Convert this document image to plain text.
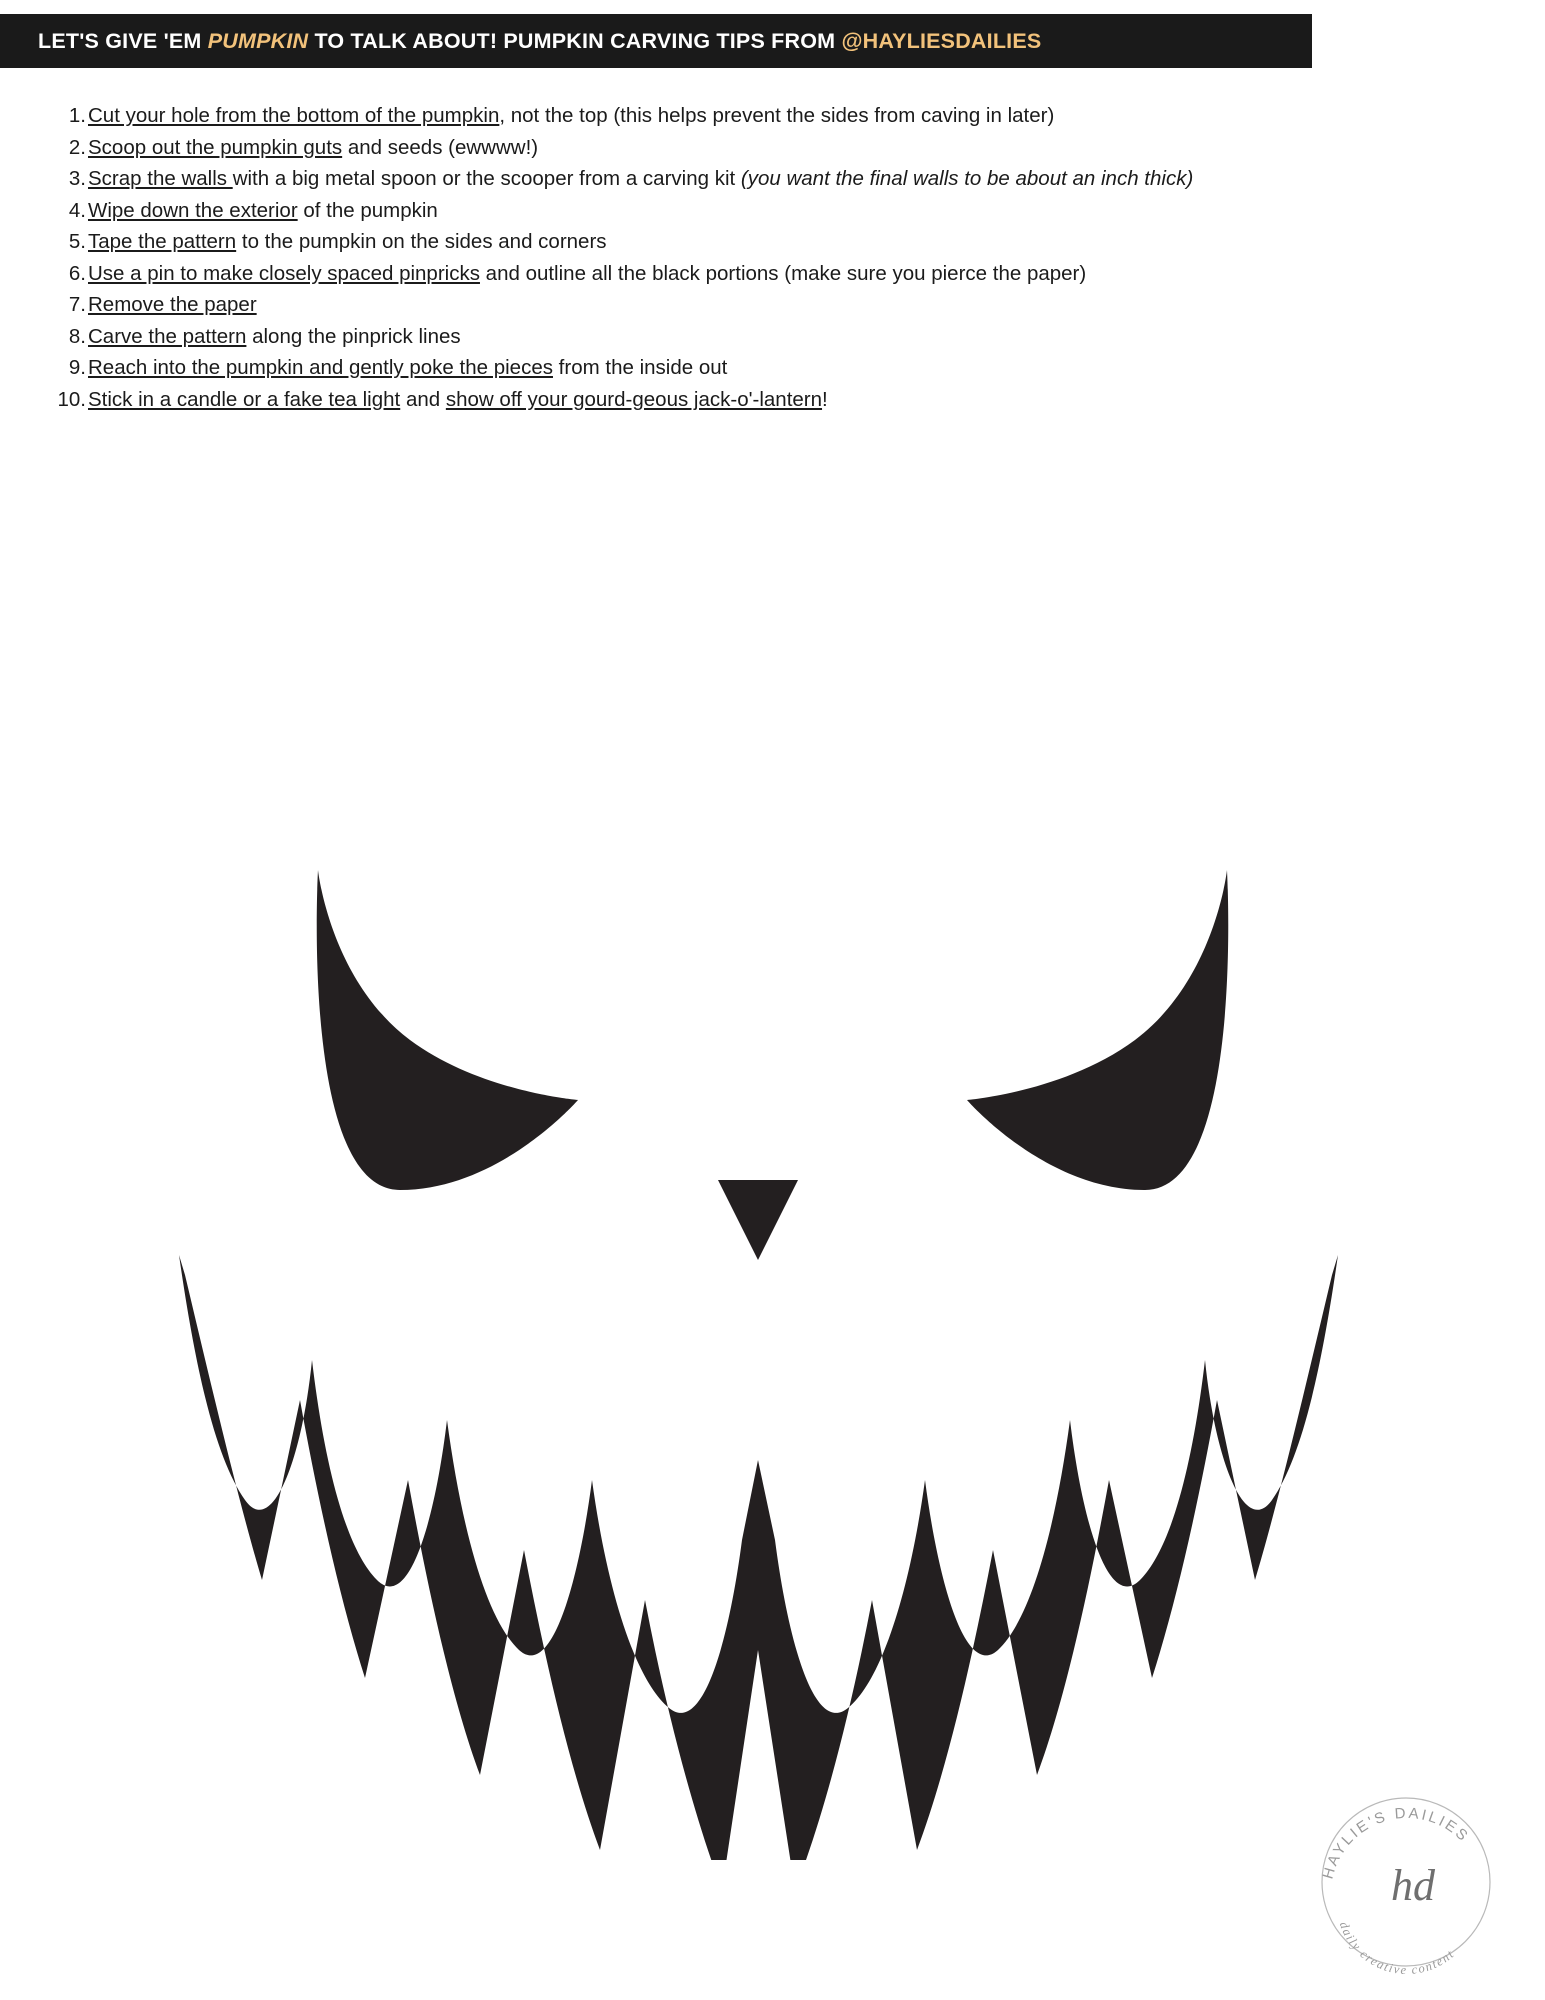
LET'S GIVE 'EM PUMPKIN TO TALK ABOUT! PUMPKIN CARVING TIPS FROM @HAYLIESDAILIES
1. Cut your hole from the bottom of the pumpkin, not the top (this helps prevent the sides from caving in later)
2. Scoop out the pumpkin guts and seeds (ewwww!)
3. Scrap the walls with a big metal spoon or the scooper from a carving kit (you want the final walls to be about an inch thick)
4. Wipe down the exterior of the pumpkin
5. Tape the pattern to the pumpkin on the sides and corners
6. Use a pin to make closely spaced pinpricks and outline all the black portions (make sure you pierce the paper)
7. Remove the paper
8. Carve the pattern along the pinprick lines
9. Reach into the pumpkin and gently poke the pieces from the inside out
10. Stick in a candle or a fake tea light and show off your gourd-geous jack-o'-lantern!
HAYLIE'S DAILIES
daily creative content
hd
